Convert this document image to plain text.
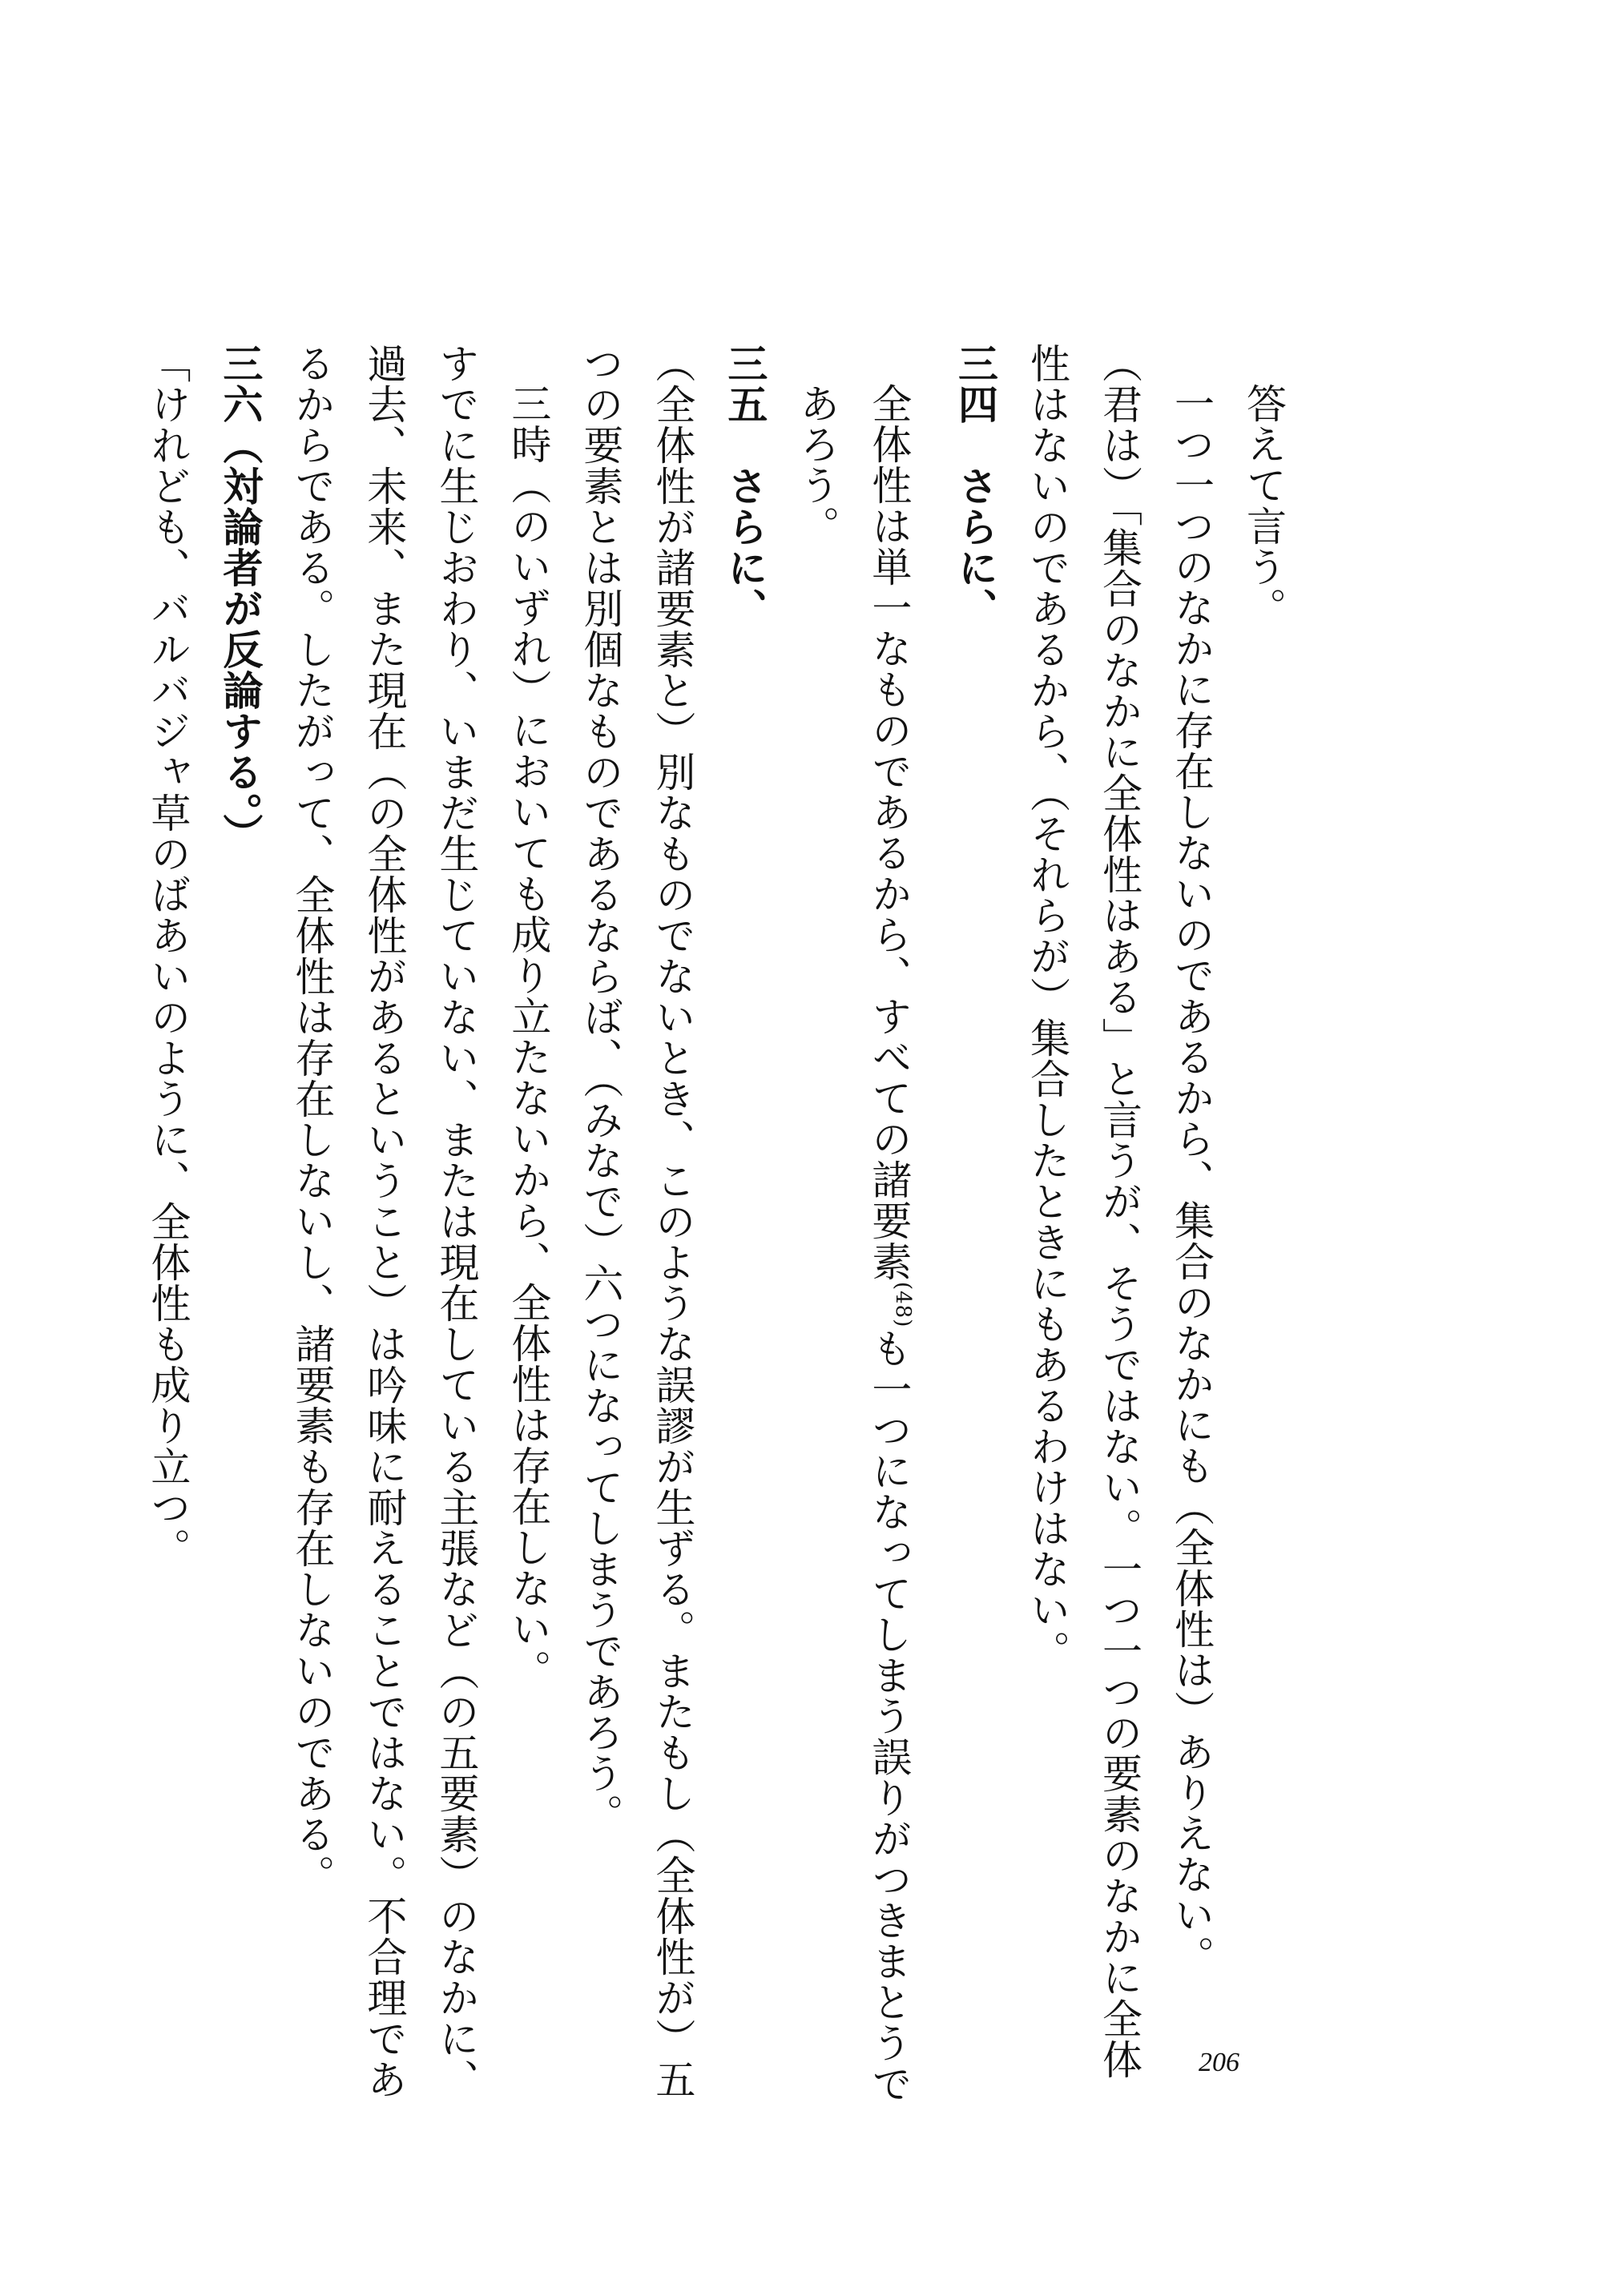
答えて言う。
一つ一つのなかに存在しないのであるから、集合のなかにも（全体性は）ありえない。
（君は）「集合のなかに全体性はある」と言うが、そうではない。一つ一つの要素のなかに全体
性はないのであるから、（それらが）集合したときにもあるわけはない。
三四　さらに、
全体性は単一なものであるから、すべての諸要素(48)も一つになってしまう誤りがつきまとうで
あろう。
三五　さらに、
（全体性が諸要素と）別なものでないとき、このような誤謬が生ずる。またもし（全体性が）五
つの要素とは別個なものであるならば、（みなで）六つになってしまうであろう。
三時（のいずれ）においても成り立たないから、全体性は存在しない。
すでに生じおわり、いまだ生じていない、または現在している主張など（の五要素）のなかに、
過去、未来、また現在（の全体性があるということ）は吟味に耐えることではない。不合理であ
るからである。したがって、全体性は存在しないし、諸要素も存在しないのである。
三六（対論者が反論する。）
「けれども、バルバジャ草のばあいのように、全体性も成り立つ。
206
